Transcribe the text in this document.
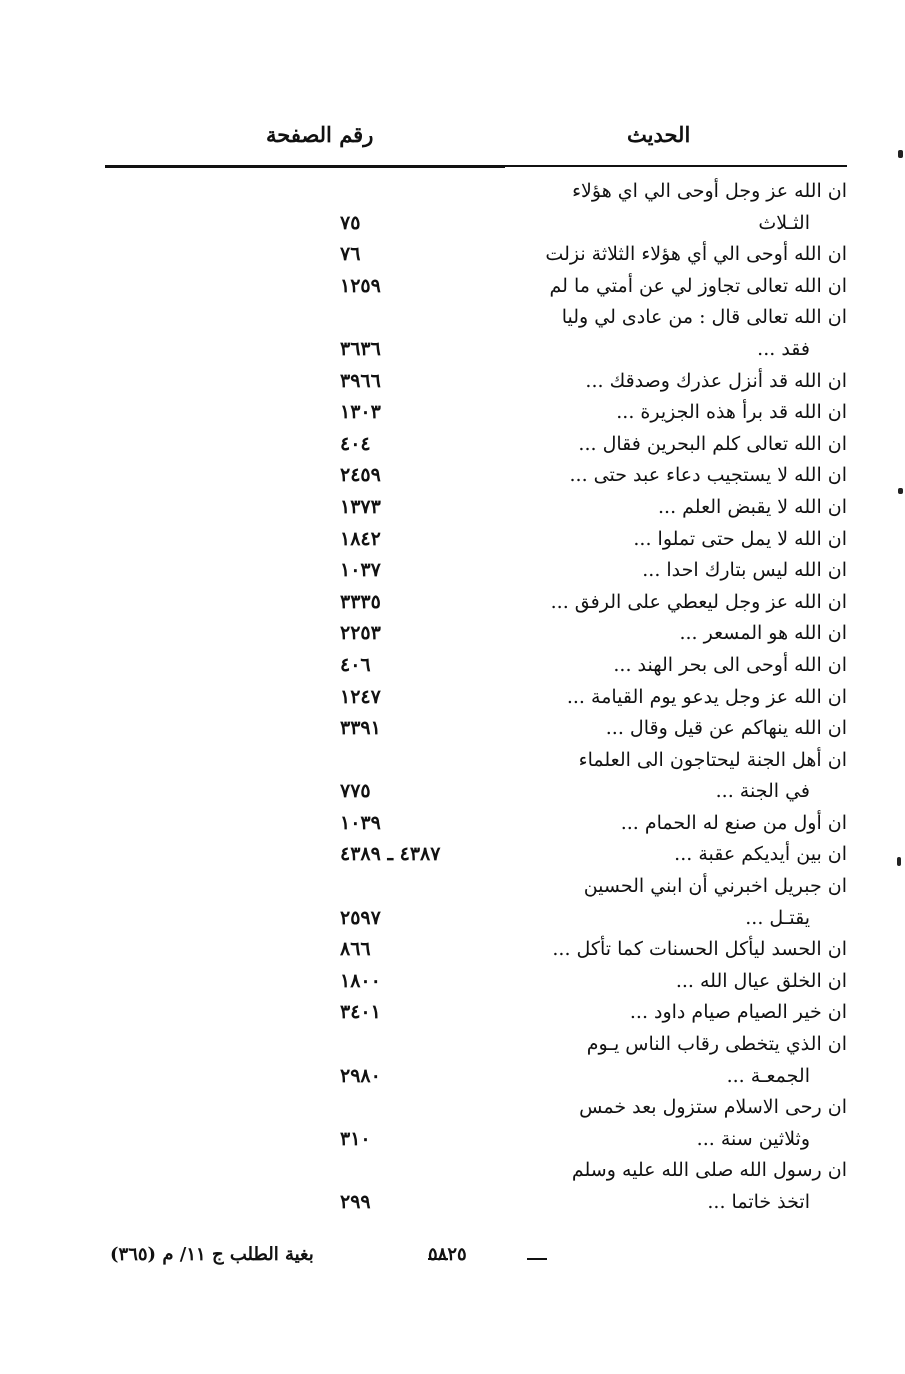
الحديث
رقم الصفحة
ان الله عز وجل أوحى الي اي هؤلاء
الثـلاث
٧٥
ان الله أوحى الي أي هؤلاء الثلاثة نزلت
٧٦
ان الله تعالى تجاوز لي عن أمتي ما لم
١٢٥٩
ان الله تعالى قال : من عادى لي وليا
فقد ...
٣٦٣٦
ان الله قد أنزل عذرك وصدقك ...
٣٩٦٦
ان الله قد برأ هذه الجزيرة ...
١٣٠٣
ان الله تعالى كلم البحرين فقال ...
٤٠٤
ان الله لا يستجيب دعاء عبد حتى ...
٢٤٥٩
ان الله لا يقبض العلم ...
١٣٧٣
ان الله لا يمل حتى تملوا ...
١٨٤٢
ان الله ليس بتارك احدا ...
١٠٣٧
ان الله عز وجل ليعطي على الرفق ...
٣٣٣٥
ان الله هو المسعر ...
٢٢٥٣
ان الله أوحى الى بحر الهند ...
٤٠٦
ان الله عز وجل يدعو يوم القيامة ...
١٢٤٧
ان الله ينهاكم عن قيل وقال ...
٣٣٩١
ان أهل الجنة ليحتاجون الى العلماء
في الجنة ...
٧٧٥
ان أول من صنع له الحمام ...
١٠٣٩
ان بين أيديكم عقبة ...
٤٣٨٧ ـ ٤٣٨٩
ان جبريل اخبرني أن ابني الحسين
يقتـل ...
٢٥٩٧
ان الحسد ليأكل الحسنات كما تأكل ...
٨٦٦
ان الخلق عيال الله ...
١٨٠٠
ان خير الصيام صيام داود ...
٣٤٠١
ان الذي يتخطى رقاب الناس يـوم
الجمعـة ...
٢٩٨٠
ان رحى الاسلام ستزول بعد خمس
وثلاثين سنة ...
٣١٠
ان رسول الله صلى الله عليه وسلم
اتخذ خاتما ...
٢٩٩
٥٨٢٥
بغية الطلب ج ١١/ م (٣٦٥)
